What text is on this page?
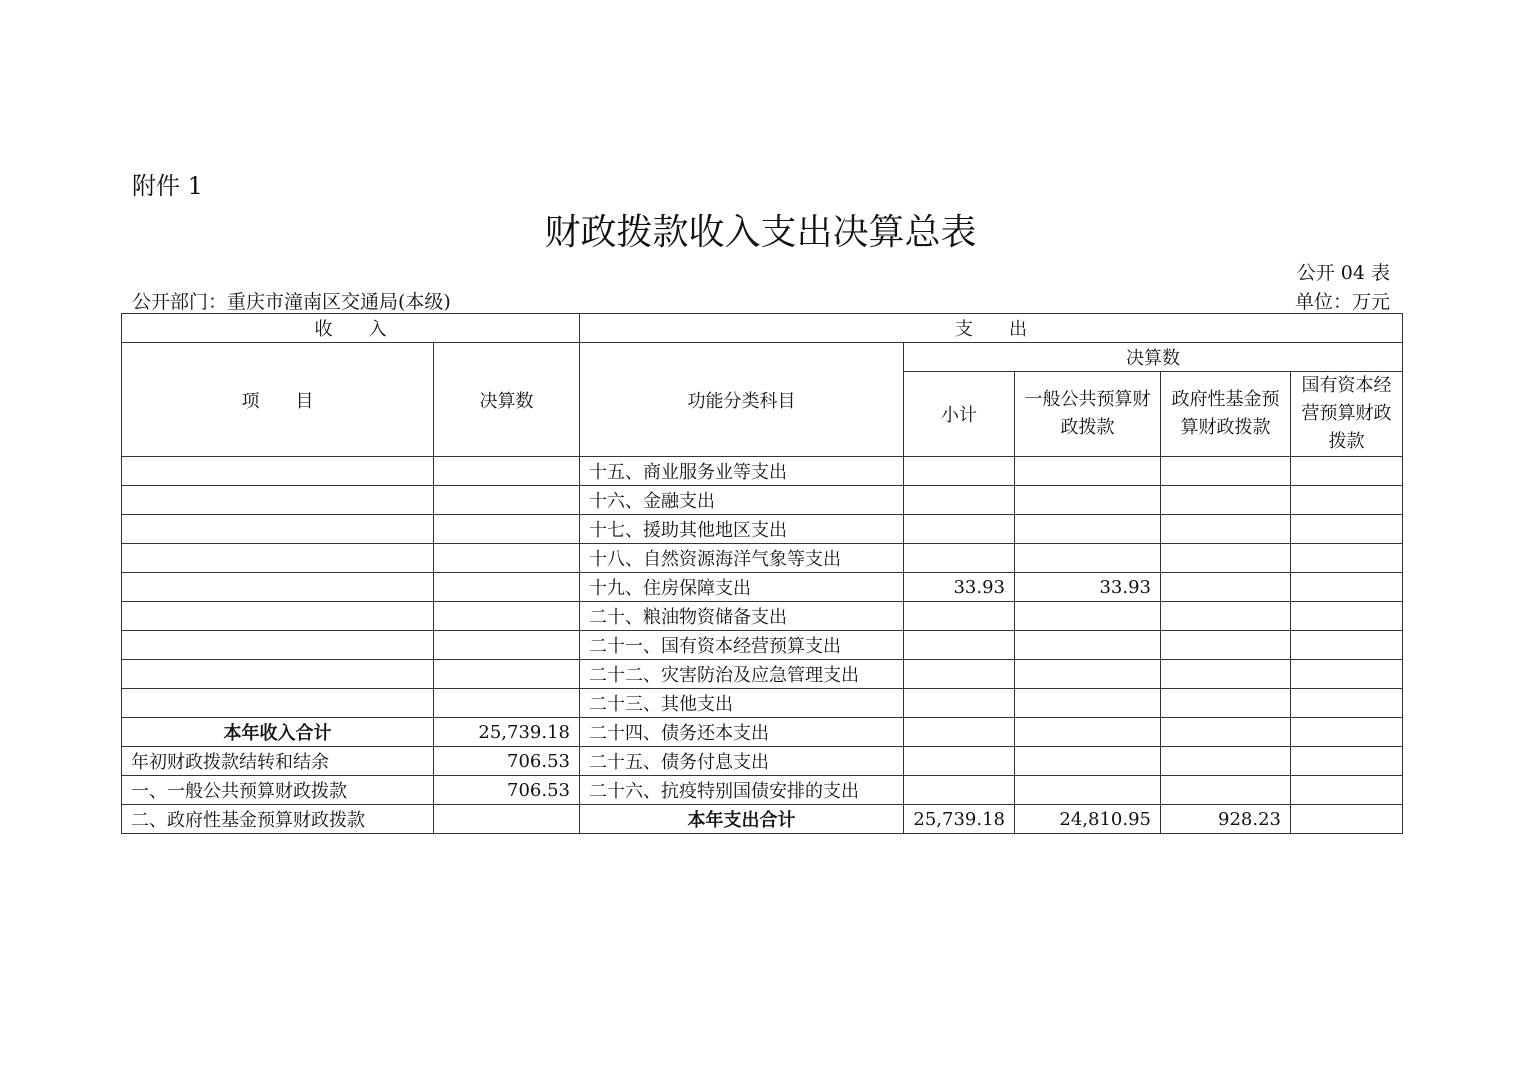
附件 1
财政拨款收入支出决算总表
公开 04 表
公开部门：重庆市潼南区交通局(本级)	单位：万元
收　　入		支　　出				
项　　目	决算数	功能分类科目	决算数			
			小计	一般公共预算财政拨款	政府性基金预算财政拨款	国有资本经营预算财政拨款
		十五、商业服务业等支出				
		十六、金融支出				
		十七、援助其他地区支出				
		十八、自然资源海洋气象等支出				
		十九、住房保障支出	33.93	33.93		
		二十、粮油物资储备支出				
		二十一、国有资本经营预算支出				
		二十二、灾害防治及应急管理支出				
		二十三、其他支出				
本年收入合计	25,739.18	二十四、债务还本支出				
年初财政拨款结转和结余	706.53	二十五、债务付息支出				
一、一般公共预算财政拨款	706.53	二十六、抗疫特别国债安排的支出				
二、政府性基金预算财政拨款		本年支出合计	25,739.18	24,810.95	928.23	
